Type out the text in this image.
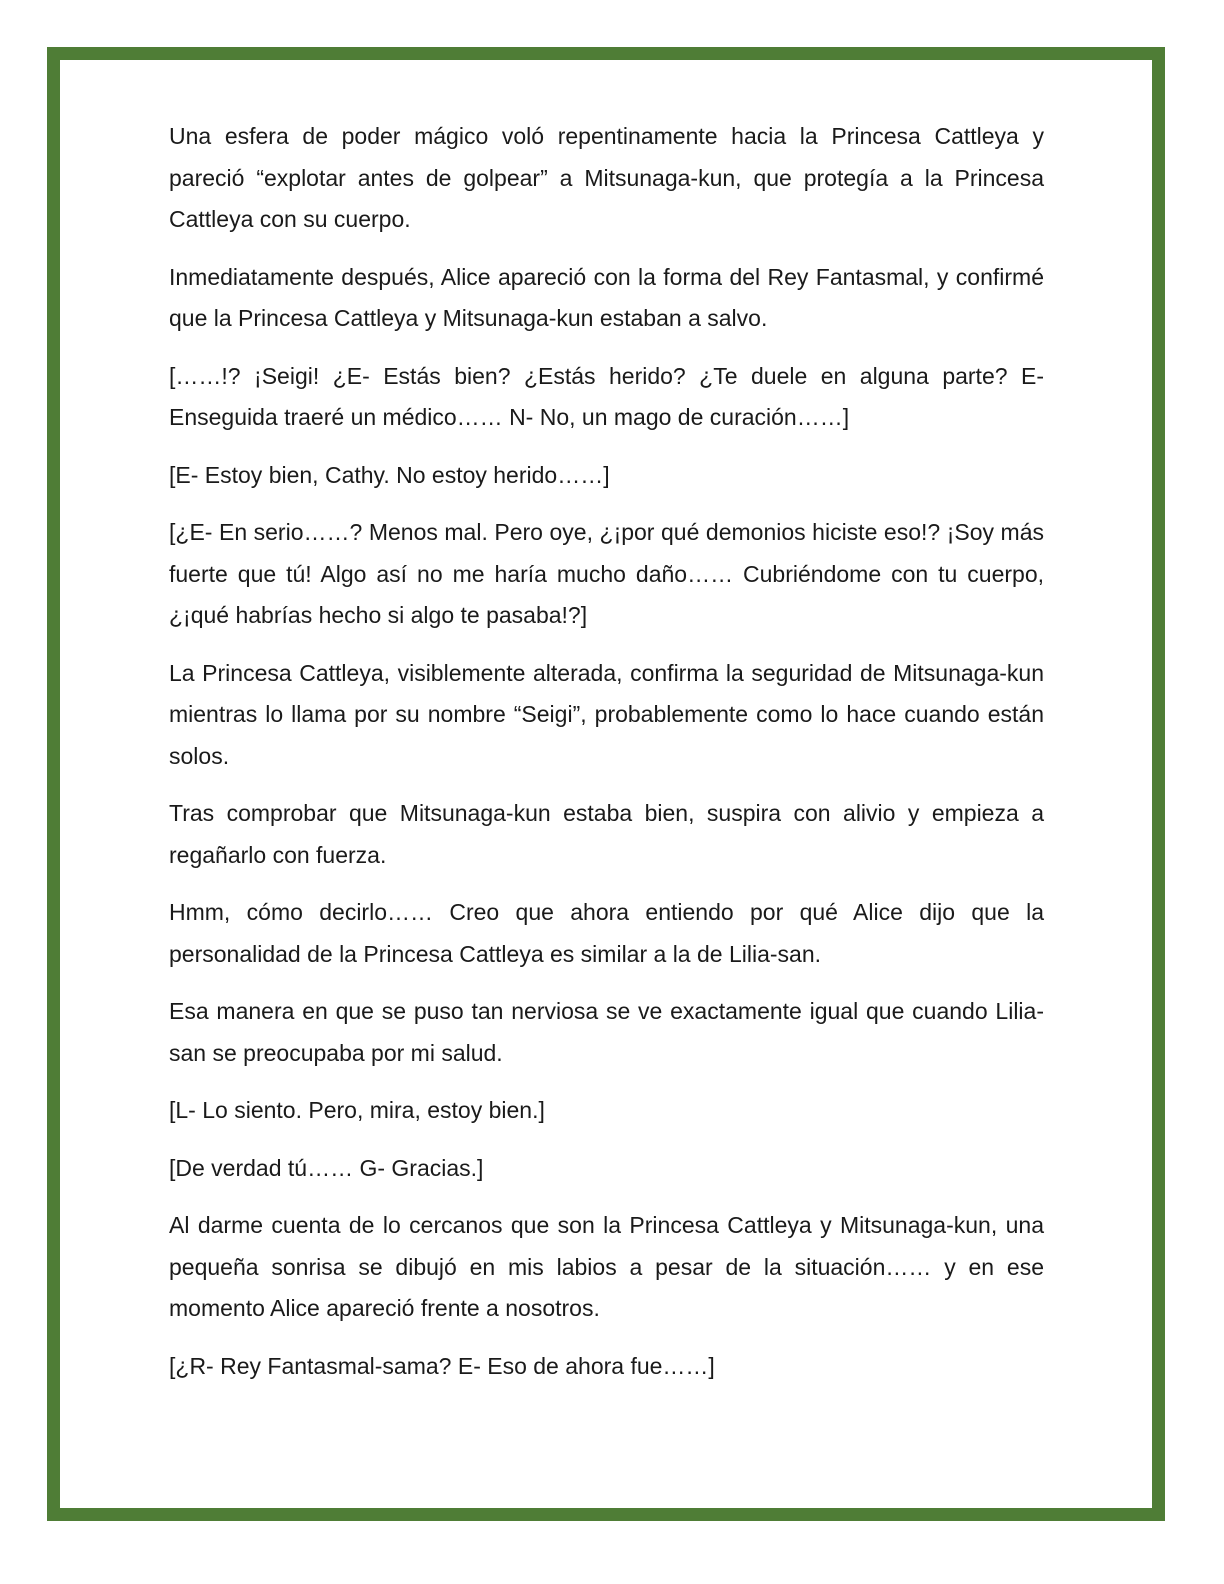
Una esfera de poder mágico voló repentinamente hacia la Princesa Cattleya y pareció “explotar antes de golpear” a Mitsunaga-kun, que protegía a la Princesa Cattleya con su cuerpo.

Inmediatamente después, Alice apareció con la forma del Rey Fantasmal, y confirmé que la Princesa Cattleya y Mitsunaga-kun estaban a salvo.

[……!? ¡Seigi! ¿E- Estás bien? ¿Estás herido? ¿Te duele en alguna parte? E- Enseguida traeré un médico…… N- No, un mago de curación……]

[E- Estoy bien, Cathy. No estoy herido……]

[¿E- En serio……? Menos mal. Pero oye, ¿¡por qué demonios hiciste eso!? ¡Soy más fuerte que tú! Algo así no me haría mucho daño…… Cubriéndome con tu cuerpo, ¿¡qué habrías hecho si algo te pasaba!?]

La Princesa Cattleya, visiblemente alterada, confirma la seguridad de Mitsunaga-kun mientras lo llama por su nombre “Seigi”, probablemente como lo hace cuando están solos.

Tras comprobar que Mitsunaga-kun estaba bien, suspira con alivio y empieza a regañarlo con fuerza.

Hmm, cómo decirlo…… Creo que ahora entiendo por qué Alice dijo que la personalidad de la Princesa Cattleya es similar a la de Lilia-san.

Esa manera en que se puso tan nerviosa se ve exactamente igual que cuando Lilia-san se preocupaba por mi salud.

[L- Lo siento. Pero, mira, estoy bien.]

[De verdad tú…… G- Gracias.]

Al darme cuenta de lo cercanos que son la Princesa Cattleya y Mitsunaga-kun, una pequeña sonrisa se dibujó en mis labios a pesar de la situación…… y en ese momento Alice apareció frente a nosotros.

[¿R- Rey Fantasmal-sama? E- Eso de ahora fue……]
